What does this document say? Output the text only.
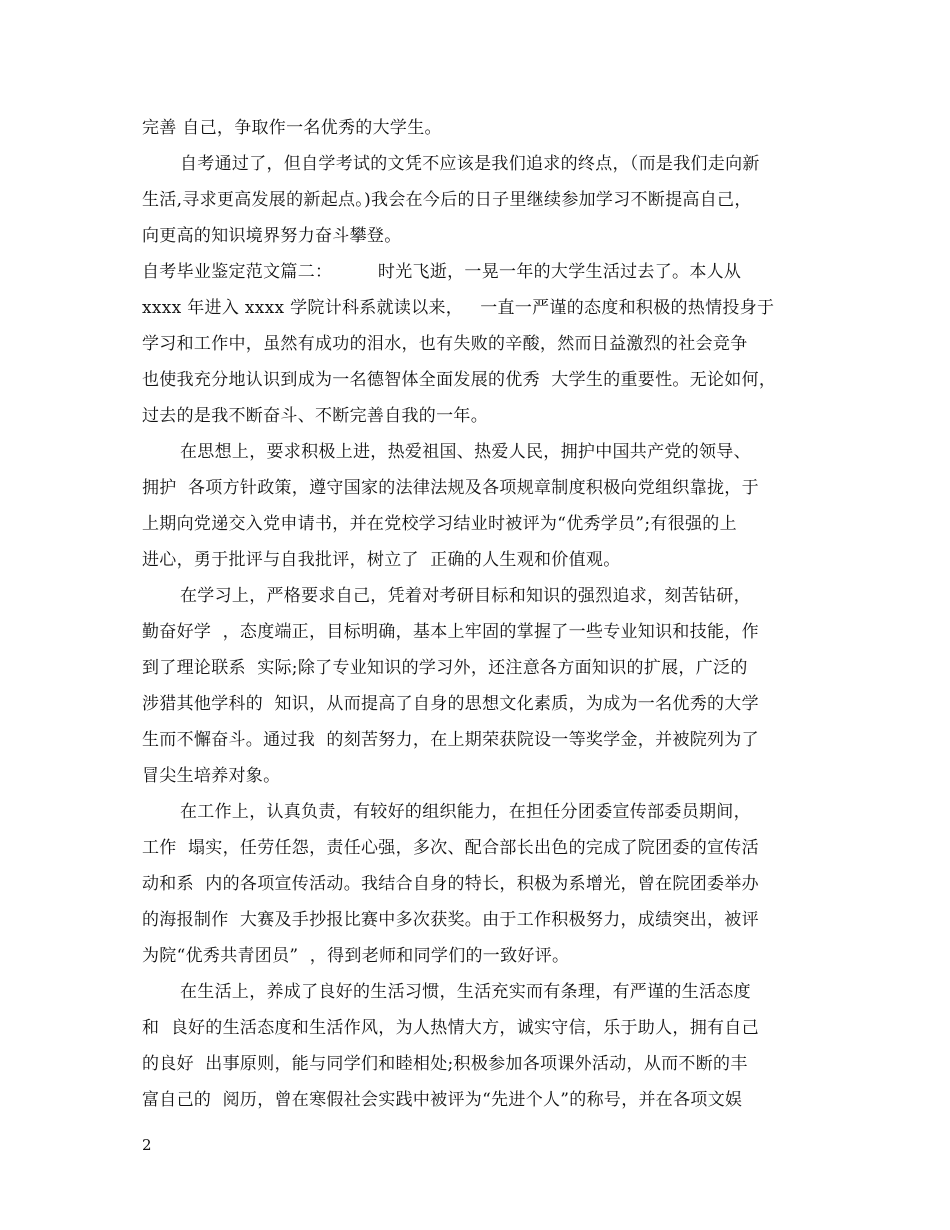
完善 自己，争取作一名优秀的大学生。
自考通过了，但自学考试的文凭不应该是我们追求的终点，（而是我们走向新
生活,寻求更高发展的新起点。)我会在今后的日子里继续参加学习不断提高自己，
向更高的知识境界努力奋斗攀登。
自考毕业鉴定范文篇二：        时光飞逝，一晃一年的大学生活过去了。本人从
xxxx 年进入 xxxx 学院计科系就读以来，   一直一严谨的态度和积极的热情投身于
学习和工作中，虽然有成功的泪水，也有失败的辛酸，然而日益激烈的社会竞争
也使我充分地认识到成为一名德智体全面发展的优秀  大学生的重要性。无论如何，
过去的是我不断奋斗、不断完善自我的一年。
在思想上，要求积极上进，热爱祖国、热爱人民，拥护中国共产党的领导、
拥护  各项方针政策，遵守国家的法律法规及各项规章制度积极向党组织靠拢，于
上期向党递交入党申请书，并在党校学习结业时被评为“优秀学员”;有很强的上
进心，勇于批评与自我批评，树立了  正确的人生观和价值观。
在学习上，严格要求自己，凭着对考研目标和知识的强烈追求，刻苦钻研，
勤奋好学  ，态度端正，目标明确，基本上牢固的掌握了一些专业知识和技能，作
到了理论联系  实际;除了专业知识的学习外，还注意各方面知识的扩展，广泛的
涉猎其他学科的  知识，从而提高了自身的思想文化素质，为成为一名优秀的大学
生而不懈奋斗。通过我  的刻苦努力，在上期荣获院设一等奖学金，并被院列为了
冒尖生培养对象。
在工作上，认真负责，有较好的组织能力，在担任分团委宣传部委员期间，
工作  塌实，任劳任怨，责任心强，多次、配合部长出色的完成了院团委的宣传活
动和系  内的各项宣传活动。我结合自身的特长，积极为系增光，曾在院团委举办
的海报制作  大赛及手抄报比赛中多次获奖。由于工作积极努力，成绩突出，被评
为院“优秀共青团员”  ，得到老师和同学们的一致好评。
在生活上，养成了良好的生活习惯，生活充实而有条理，有严谨的生活态度
和  良好的生活态度和生活作风，为人热情大方，诚实守信，乐于助人，拥有自己
的良好  出事原则，能与同学们和睦相处;积极参加各项课外活动，从而不断的丰
富自己的  阅历，曾在寒假社会实践中被评为“先进个人”的称号，并在各项文娱
2
